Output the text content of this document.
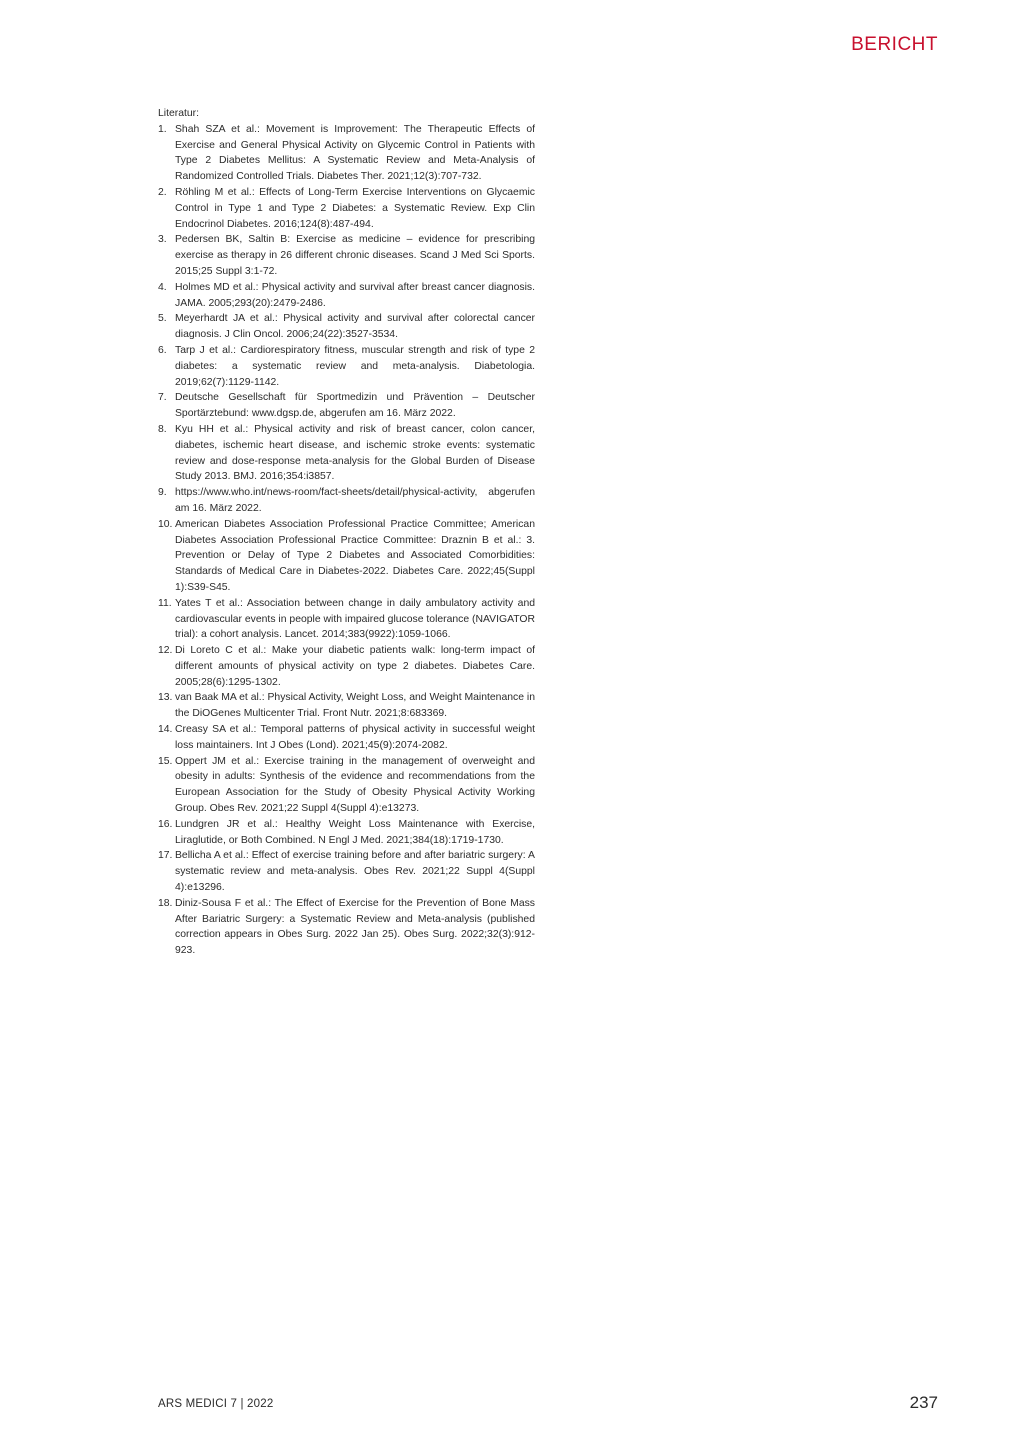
BERICHT
Literatur:
1. Shah SZA et al.: Movement is Improvement: The Therapeutic Effects of Exercise and General Physical Activity on Glycemic Control in Patients with Type 2 Diabetes Mellitus: A Systematic Review and Meta-Analysis of Randomized Controlled Trials. Diabetes Ther. 2021;12(3):707-732.
2. Röhling M et al.: Effects of Long-Term Exercise Interventions on Glycaemic Control in Type 1 and Type 2 Diabetes: a Systematic Review. Exp Clin Endocrinol Diabetes. 2016;124(8):487-494.
3. Pedersen BK, Saltin B: Exercise as medicine – evidence for prescribing exercise as therapy in 26 different chronic diseases. Scand J Med Sci Sports. 2015;25 Suppl 3:1-72.
4. Holmes MD et al.: Physical activity and survival after breast cancer diagnosis. JAMA. 2005;293(20):2479-2486.
5. Meyerhardt JA et al.: Physical activity and survival after colorectal cancer diagnosis. J Clin Oncol. 2006;24(22):3527-3534.
6. Tarp J et al.: Cardiorespiratory fitness, muscular strength and risk of type 2 diabetes: a systematic review and meta-analysis. Diabetologia. 2019;62(7):1129-1142.
7. Deutsche Gesellschaft für Sportmedizin und Prävention – Deutscher Sportärztebund: www.dgsp.de, abgerufen am 16. März 2022.
8. Kyu HH et al.: Physical activity and risk of breast cancer, colon cancer, diabetes, ischemic heart disease, and ischemic stroke events: systematic review and dose-response meta-analysis for the Global Burden of Disease Study 2013. BMJ. 2016;354:i3857.
9. https://www.who.int/news-room/fact-sheets/detail/physical-activity, abgerufen am 16. März 2022.
10. American Diabetes Association Professional Practice Committee; American Diabetes Association Professional Practice Committee: Draznin B et al.: 3. Prevention or Delay of Type 2 Diabetes and Associated Comorbidities: Standards of Medical Care in Diabetes-2022. Diabetes Care. 2022;45(Suppl 1):S39-S45.
11. Yates T et al.: Association between change in daily ambulatory activity and cardiovascular events in people with impaired glucose tolerance (NAVIGATOR trial): a cohort analysis. Lancet. 2014;383(9922):1059-1066.
12. Di Loreto C et al.: Make your diabetic patients walk: long-term impact of different amounts of physical activity on type 2 diabetes. Diabetes Care. 2005;28(6):1295-1302.
13. van Baak MA et al.: Physical Activity, Weight Loss, and Weight Maintenance in the DiOGenes Multicenter Trial. Front Nutr. 2021;8:683369.
14. Creasy SA et al.: Temporal patterns of physical activity in successful weight loss maintainers. Int J Obes (Lond). 2021;45(9):2074-2082.
15. Oppert JM et al.: Exercise training in the management of overweight and obesity in adults: Synthesis of the evidence and recommendations from the European Association for the Study of Obesity Physical Activity Working Group. Obes Rev. 2021;22 Suppl 4(Suppl 4):e13273.
16. Lundgren JR et al.: Healthy Weight Loss Maintenance with Exercise, Liraglutide, or Both Combined. N Engl J Med. 2021;384(18):1719-1730.
17. Bellicha A et al.: Effect of exercise training before and after bariatric surgery: A systematic review and meta-analysis. Obes Rev. 2021;22 Suppl 4(Suppl 4):e13296.
18. Diniz-Sousa F et al.: The Effect of Exercise for the Prevention of Bone Mass After Bariatric Surgery: a Systematic Review and Meta-analysis (published correction appears in Obes Surg. 2022 Jan 25). Obes Surg. 2022;32(3):912-923.
ARS MEDICI 7 | 2022	237
